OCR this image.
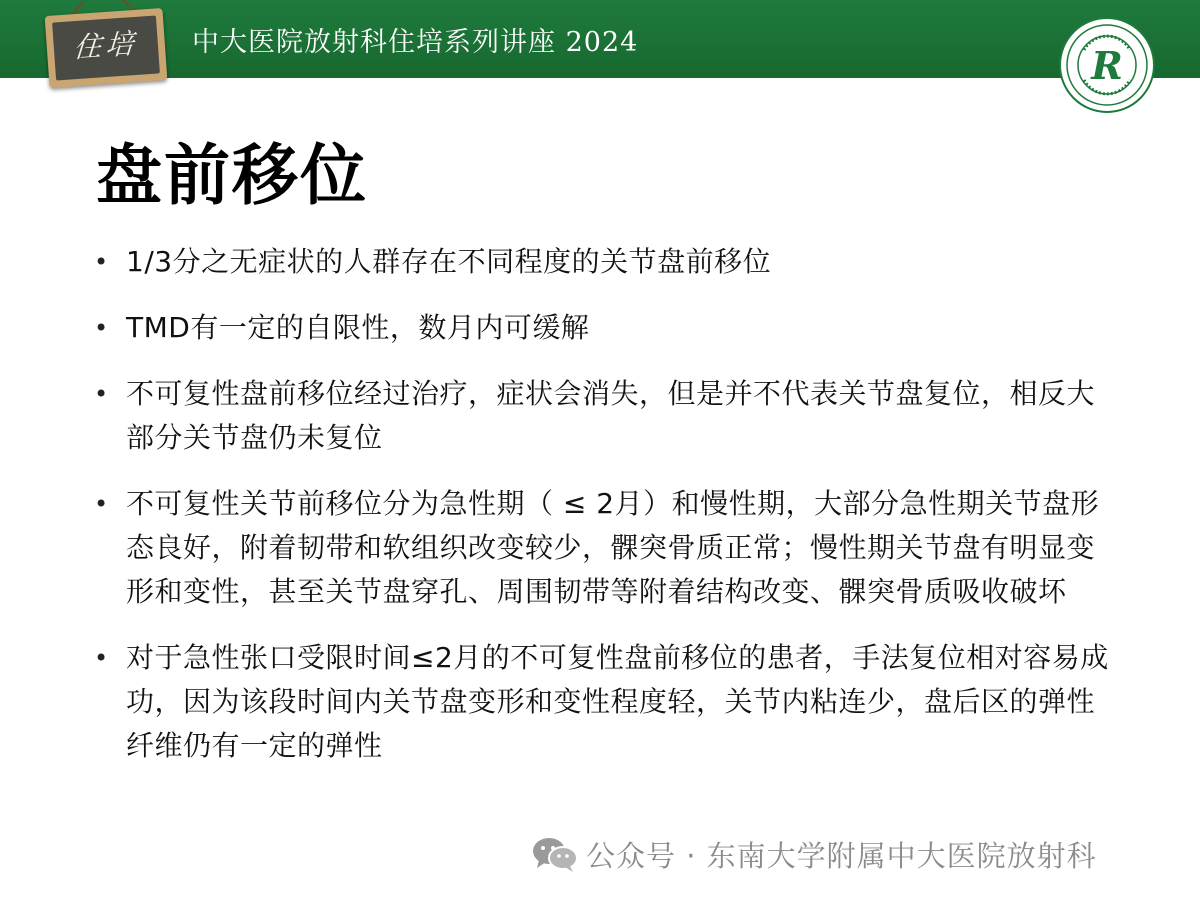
住培	中大医院放射科住培系列讲座 2024
R
盘前移位
• 1/3分之无症状的人群存在不同程度的关节盘前移位
• TMD有一定的自限性，数月内可缓解
• 不可复性盘前移位经过治疗，症状会消失，但是并不代表关节盘复位，相反大部分关节盘仍未复位
• 不可复性关节前移位分为急性期（ ≤ 2月）和慢性期，大部分急性期关节盘形态良好，附着韧带和软组织改变较少，髁突骨质正常；慢性期关节盘有明显变形和变性，甚至关节盘穿孔、周围韧带等附着结构改变、髁突骨质吸收破坏
• 对于急性张口受限时间≤2月的不可复性盘前移位的患者，手法复位相对容易成功，因为该段时间内关节盘变形和变性程度轻，关节内粘连少，盘后区的弹性纤维仍有一定的弹性
公众号 · 东南大学附属中大医院放射科
